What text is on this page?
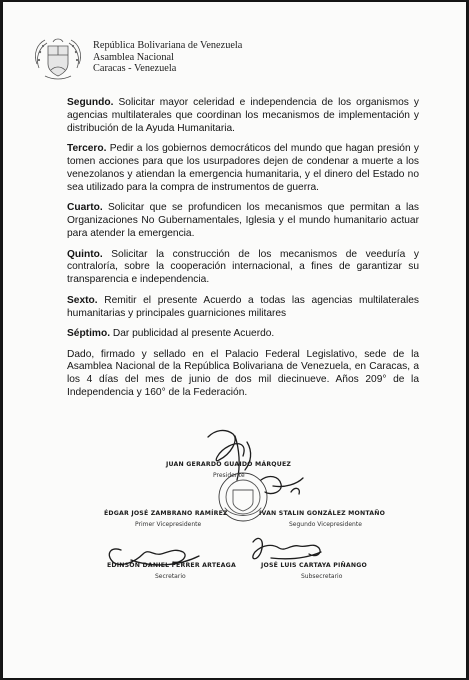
República Bolivariana de Venezuela
Asamblea Nacional
Caracas - Venezuela

Segundo. Solicitar mayor celeridad e independencia de los organismos y agencias multilaterales que coordinan los mecanismos de implementación y distribución de la Ayuda Humanitaria.

Tercero. Pedir a los gobiernos democráticos del mundo que hagan presión y tomen acciones para que los usurpadores dejen de condenar a muerte a los venezolanos y atiendan la emergencia humanitaria, y el dinero del Estado no sea utilizado para la compra de instrumentos de guerra.

Cuarto. Solicitar que se profundicen los mecanismos que permitan a las Organizaciones No Gubernamentales, Iglesia y el mundo humanitario actuar para atender la emergencia.

Quinto. Solicitar la construcción de los mecanismos de veeduría y contraloría, sobre la cooperación internacional, a fines de garantizar su transparencia e independencia.

Sexto. Remitir el presente Acuerdo a todas las agencias multilaterales humanitarias y principales guarniciones militares

Séptimo. Dar publicidad al presente Acuerdo.

Dado, firmado y sellado en el Palacio Federal Legislativo, sede de la Asamblea Nacional de la República Bolivariana de Venezuela, en Caracas, a los 4 días del mes de junio de dos mil diecinueve. Años 209° de la Independencia y 160° de la Federación.

JUAN GERARDO GUAIDÓ MÁRQUEZ
Presidente
ÉDGAR JOSÉ ZAMBRANO RAMÍREZ
Primer Vicepresidente
IVAN STALIN GONZÁLEZ MONTAÑO
Segundo Vicepresidente
EDINSON DANIEL FERRER ARTEAGA
Secretario
JOSÉ LUIS CARTAYA PIÑANGO
Subsecretario
